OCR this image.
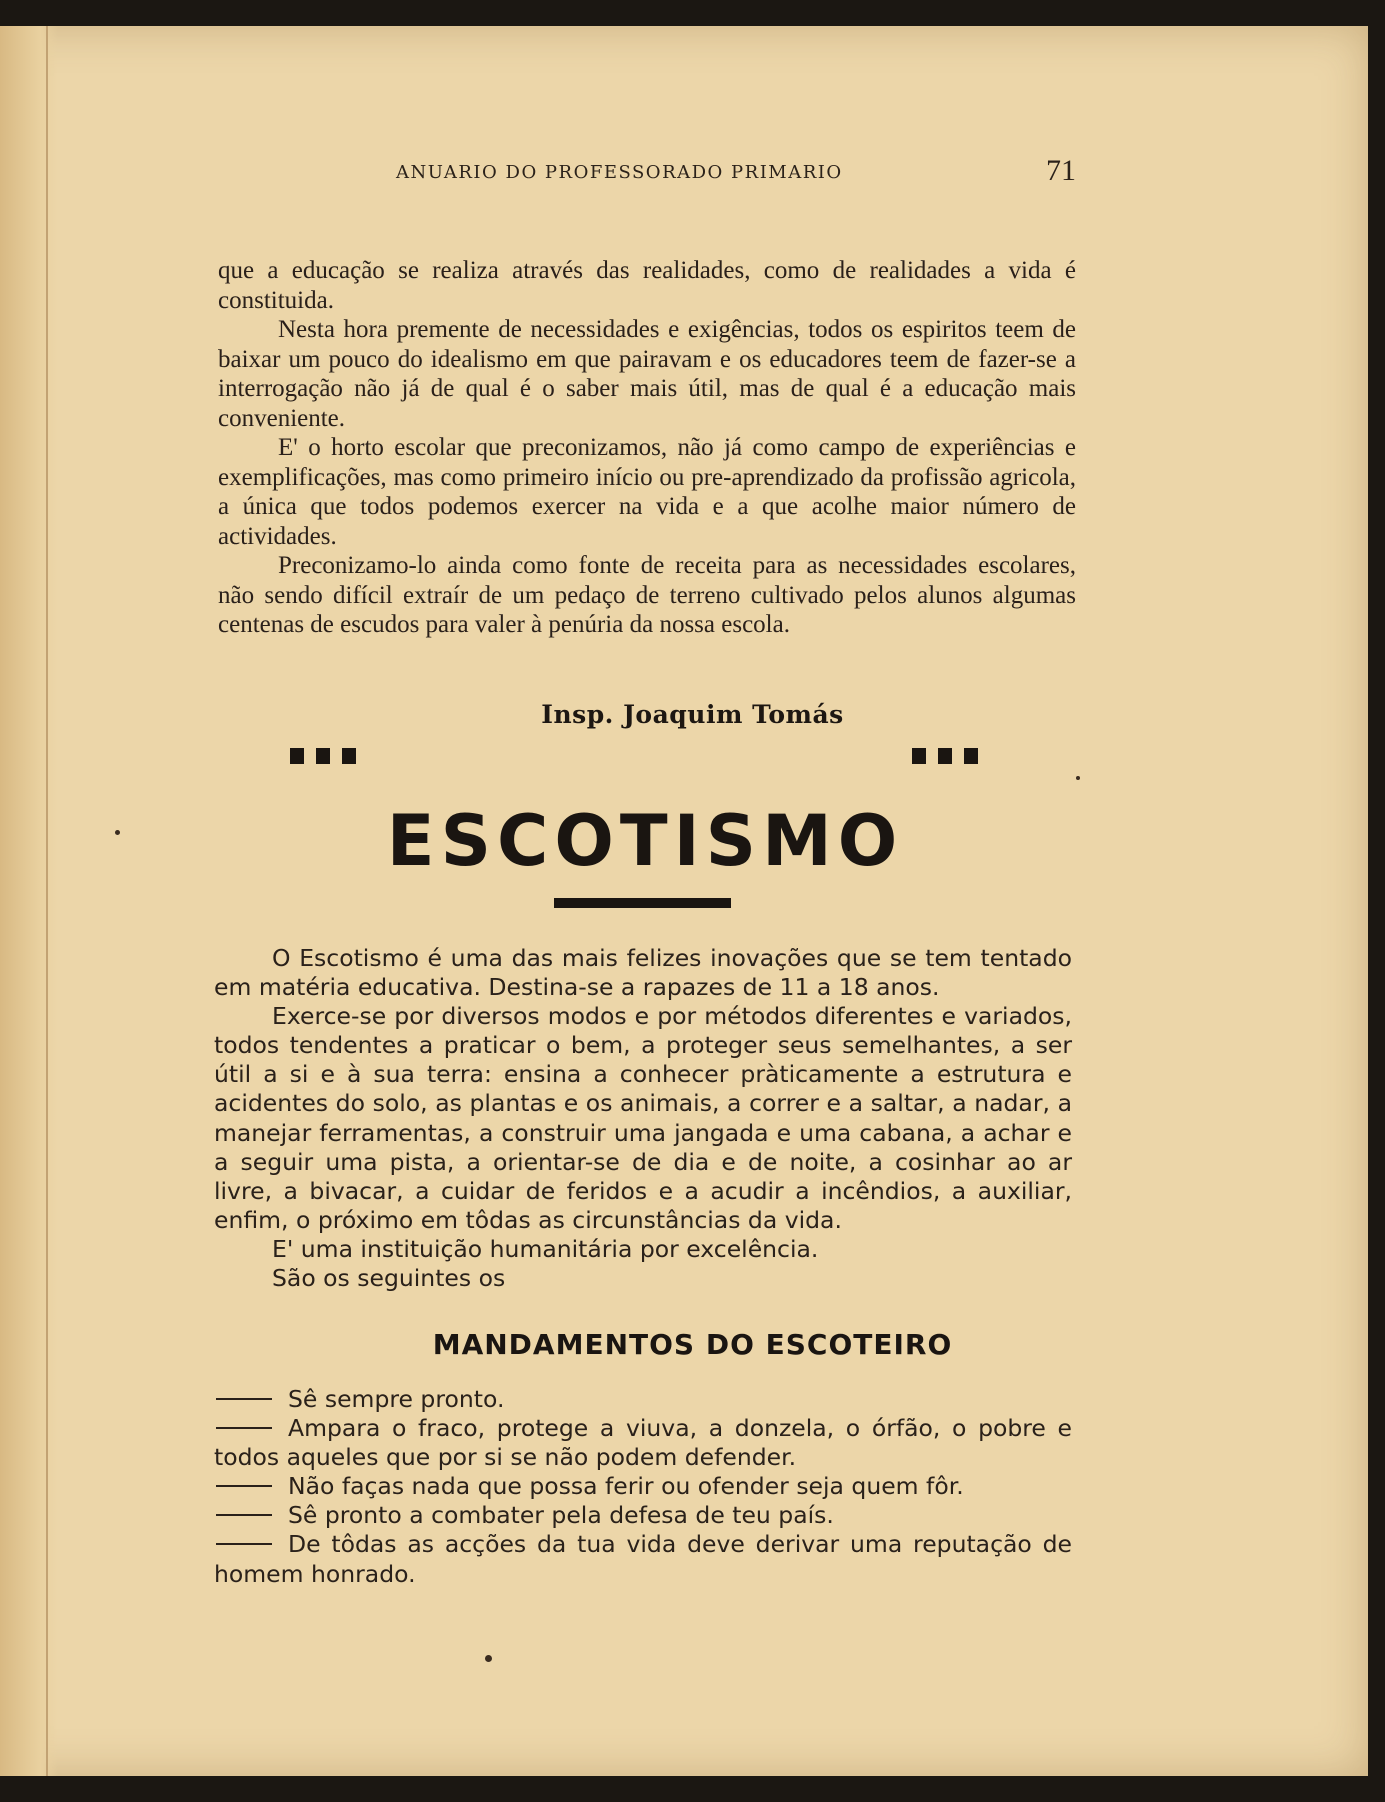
ANUARIO DO PROFESSORADO PRIMARIO	71

que a educação se realiza através das realidades, como de realidades a vida é constituida.

Nesta hora premente de necessidades e exigências, todos os espiritos teem de baixar um pouco do idealismo em que pairavam e os educadores teem de fazer-se a interrogação não já de qual é o saber mais útil, mas de qual é a educação mais conveniente.

E' o horto escolar que preconizamos, não já como campo de experiências e exemplificações, mas como primeiro início ou pre-aprendizado da profissão agricola, a única que todos podemos exercer na vida e a que acolhe maior número de actividades.

Preconizamo-lo ainda como fonte de receita para as necessidades escolares, não sendo difícil extraír de um pedaço de terreno cultivado pelos alunos algumas centenas de escudos para valer à penúria da nossa escola.

Insp. Joaquim Tomás
ESCOTISMO

O Escotismo é uma das mais felizes inovações que se tem tentado em matéria educativa. Destina-se a rapazes de 11 a 18 anos.

Exerce-se por diversos modos e por métodos diferentes e variados, todos tendentes a praticar o bem, a proteger seus semelhantes, a ser útil a si e à sua terra: ensina a conhecer pràticamente a estrutura e acidentes do solo, as plantas e os animais, a correr e a saltar, a nadar, a manejar ferramentas, a construir uma jangada e uma cabana, a achar e a seguir uma pista, a orientar-se de dia e de noite, a cosinhar ao ar livre, a bivacar, a cuidar de feridos e a acudir a incêndios, a auxiliar, enfim, o próximo em tôdas as circunstâncias da vida.

E' uma instituição humanitária por excelência.

São os seguintes os

MANDAMENTOS DO ESCOTEIRO

Sê sempre pronto.

Ampara o fraco, protege a viuva, a donzela, o órfão, o pobre e todos aqueles que por si se não podem defender.

Não faças nada que possa ferir ou ofender seja quem fôr.

Sê pronto a combater pela defesa de teu país.

De tôdas as acções da tua vida deve derivar uma reputação de homem honrado.
